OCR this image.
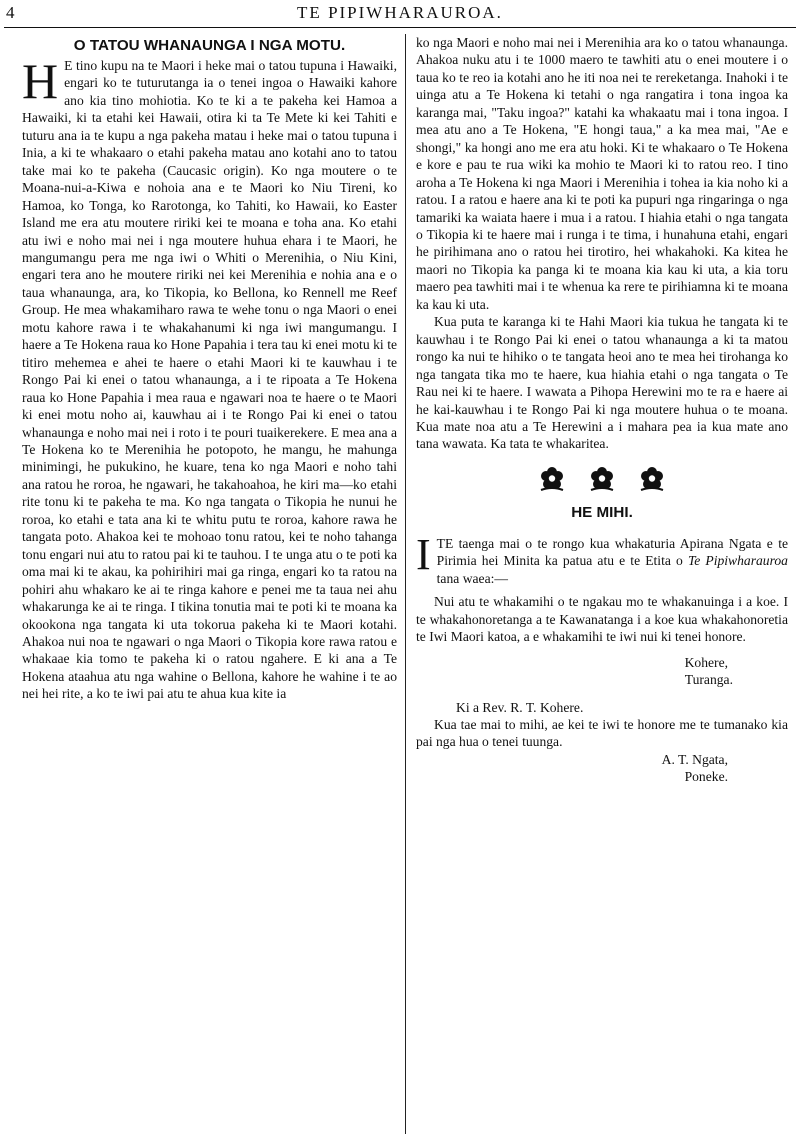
4	TE PIPIWHARAUROA.
O TATOU WHANAUNGA I NGA MOTU.

H E tino kupu na te Maori i heke mai o tatou tupuna i Hawaiki, engari ko te tuturutanga ia o tenei ingoa o Hawaiki kahore ano kia tino mohiotia. Ko te ki a te pakeha kei Hamoa a Hawaiki, ki ta etahi kei Hawaii, otira ki ta Te Mete ki kei Tahiti e tuturu ana ia te kupu a nga pakeha matau i heke mai o tatou tupuna i Inia, a ki te whakaaro o etahi pakeha matau ano kotahi ano to tatou take mai ko te pakeha (Caucasic origin). Ko nga moutere o te Moana-nui-a-Kiwa e nohoia ana e te Maori ko Niu Tireni, ko Hamoa, ko Tonga, ko Rarotonga, ko Tahiti, ko Hawaii, ko Easter Island me era atu moutere ririki kei te moana e toha ana. Ko etahi atu iwi e noho mai nei i nga moutere huhua ehara i te Maori, he mangumangu pera me nga iwi o Whiti o Merenihia, o Niu Kini, engari tera ano he moutere ririki nei kei Merenihia e nohia ana e o taua whanaunga, ara, ko Tikopia, ko Bellona, ko Rennell me Reef Group. He mea whakamiharo rawa te wehe tonu o nga Maori o enei motu kahore rawa i te whakahanumi ki nga iwi mangumangu. I haere a Te Hokena raua ko Hone Papahia i tera tau ki enei motu ki te titiro mehemea e ahei te haere o etahi Maori ki te kauwhau i te Rongo Pai ki enei o tatou whanaunga, a i te ripoata a Te Hokena raua ko Hone Papahia i mea raua e ngawari noa te haere o te Maori ki enei motu noho ai, kauwhau ai i te Rongo Pai ki enei o tatou whanaunga e noho mai nei i roto i te pouri tuaikerekere. E mea ana a Te Hokena ko te Merenihia he potopoto, he mangu, he mahunga minimingi, he pukukino, he kuare, tena ko nga Maori e noho tahi ana ratou he roroa, he ngawari, he takahoahoa, he kiri ma—ko etahi rite tonu ki te pakeha te ma. Ko nga tangata o Tikopia he nunui he roroa, ko etahi e tata ana ki te whitu putu te roroa, kahore rawa he tangata poto. Ahakoa kei te mohoao tonu ratou, kei te noho tahanga tonu engari nui atu to ratou pai ki te tauhou. I te unga atu o te poti ka oma mai ki te akau, ka pohirihiri mai ga ringa, engari ko ta ratou na pohiri ahu whakaro ke ai te ringa kahore e penei me ta taua nei ahu whakarunga ke ai te ringa. I tikina tonutia mai te poti ki te moana ka okookona nga tangata ki uta tokorua pakeha ki te Maori kotahi. Ahakoa nui noa te ngawari o nga Maori o Tikopia kore rawa ratou e whakaae kia tomo te pakeha ki o ratou ngahere. E ki ana a Te Hokena ataahua atu nga wahine o Bellona, kahore he wahine i te ao nei hei rite, a ko te iwi pai atu te ahua kua kite ia

ko nga Maori e noho mai nei i Merenihia ara ko o tatou whanaunga. Ahakoa nuku atu i te 1000 maero te tawhiti atu o enei moutere i o taua ko te reo ia kotahi ano he iti noa nei te rereketanga. Inahoki i te uinga atu a Te Hokena ki tetahi o nga rangatira i tona ingoa ka karanga mai, "Taku ingoa?" katahi ka whakaatu mai i tona ingoa. I mea atu ano a Te Hokena, "E hongi taua," a ka mea mai, "Ae e shongi," ka hongi ano me era atu hoki. Ki te whakaaro o Te Hokena e kore e pau te rua wiki ka mohio te Maori ki to ratou reo. I tino aroha a Te Hokena ki nga Maori i Merenihia i tohea ia kia noho ki a ratou. I a ratou e haere ana ki te poti ka pupuri nga ringaringa o nga tamariki ka waiata haere i mua i a ratou. I hiahia etahi o nga tangata o Tikopia ki te haere mai i runga i te tima, i hunahuna etahi, engari he pirihimana ano o ratou hei tirotiro, hei whakahoki. Ka kitea he maori no Tikopia ka panga ki te moana kia kau ki uta, a kia toru maero pea tawhiti mai i te whenua ka rere te pirihiamna ki te moana ka kau ki uta.

Kua puta te karanga ki te Hahi Maori kia tukua he tangata ki te kauwhau i te Rongo Pai ki enei o tatou whanaunga a ki ta matou rongo ka nui te hihiko o te tangata heoi ano te mea hei tirohanga ko nga tangata tika mo te haere, kua hiahia etahi o nga tangata o Te Rau nei ki te haere. I wawata a Pihopa Herewini mo te ra e haere ai he kai-kauwhau i te Rongo Pai ki nga moutere huhua o te moana. Kua mate noa atu a Te Herewini a i mahara pea ia kua mate ano tana wawata. Ka tata te whakaritea.

HE MIHI.

ITE taenga mai o te rongo kua whakaturia Apirana Ngata e te Pirimia hei Minita ka patua atu e te Etita o Te Pipiwharauroa tana waea:—

Nui atu te whakamihi o te ngakau mo te whakanuinga i a koe. I te whakahonoretanga a te Kawanatanga i a koe kua whakahonoretia te Iwi Maori katoa, a e whakamihi te iwi nui ki tenei honore.

Kohere,
Turanga.
Ki a Rev. R. T. Kohere.

Kua tae mai to mihi, ae kei te iwi te honore me te tumanako kia pai nga hua o tenei tuunga.

A. T. Ngata,
Poneke.
